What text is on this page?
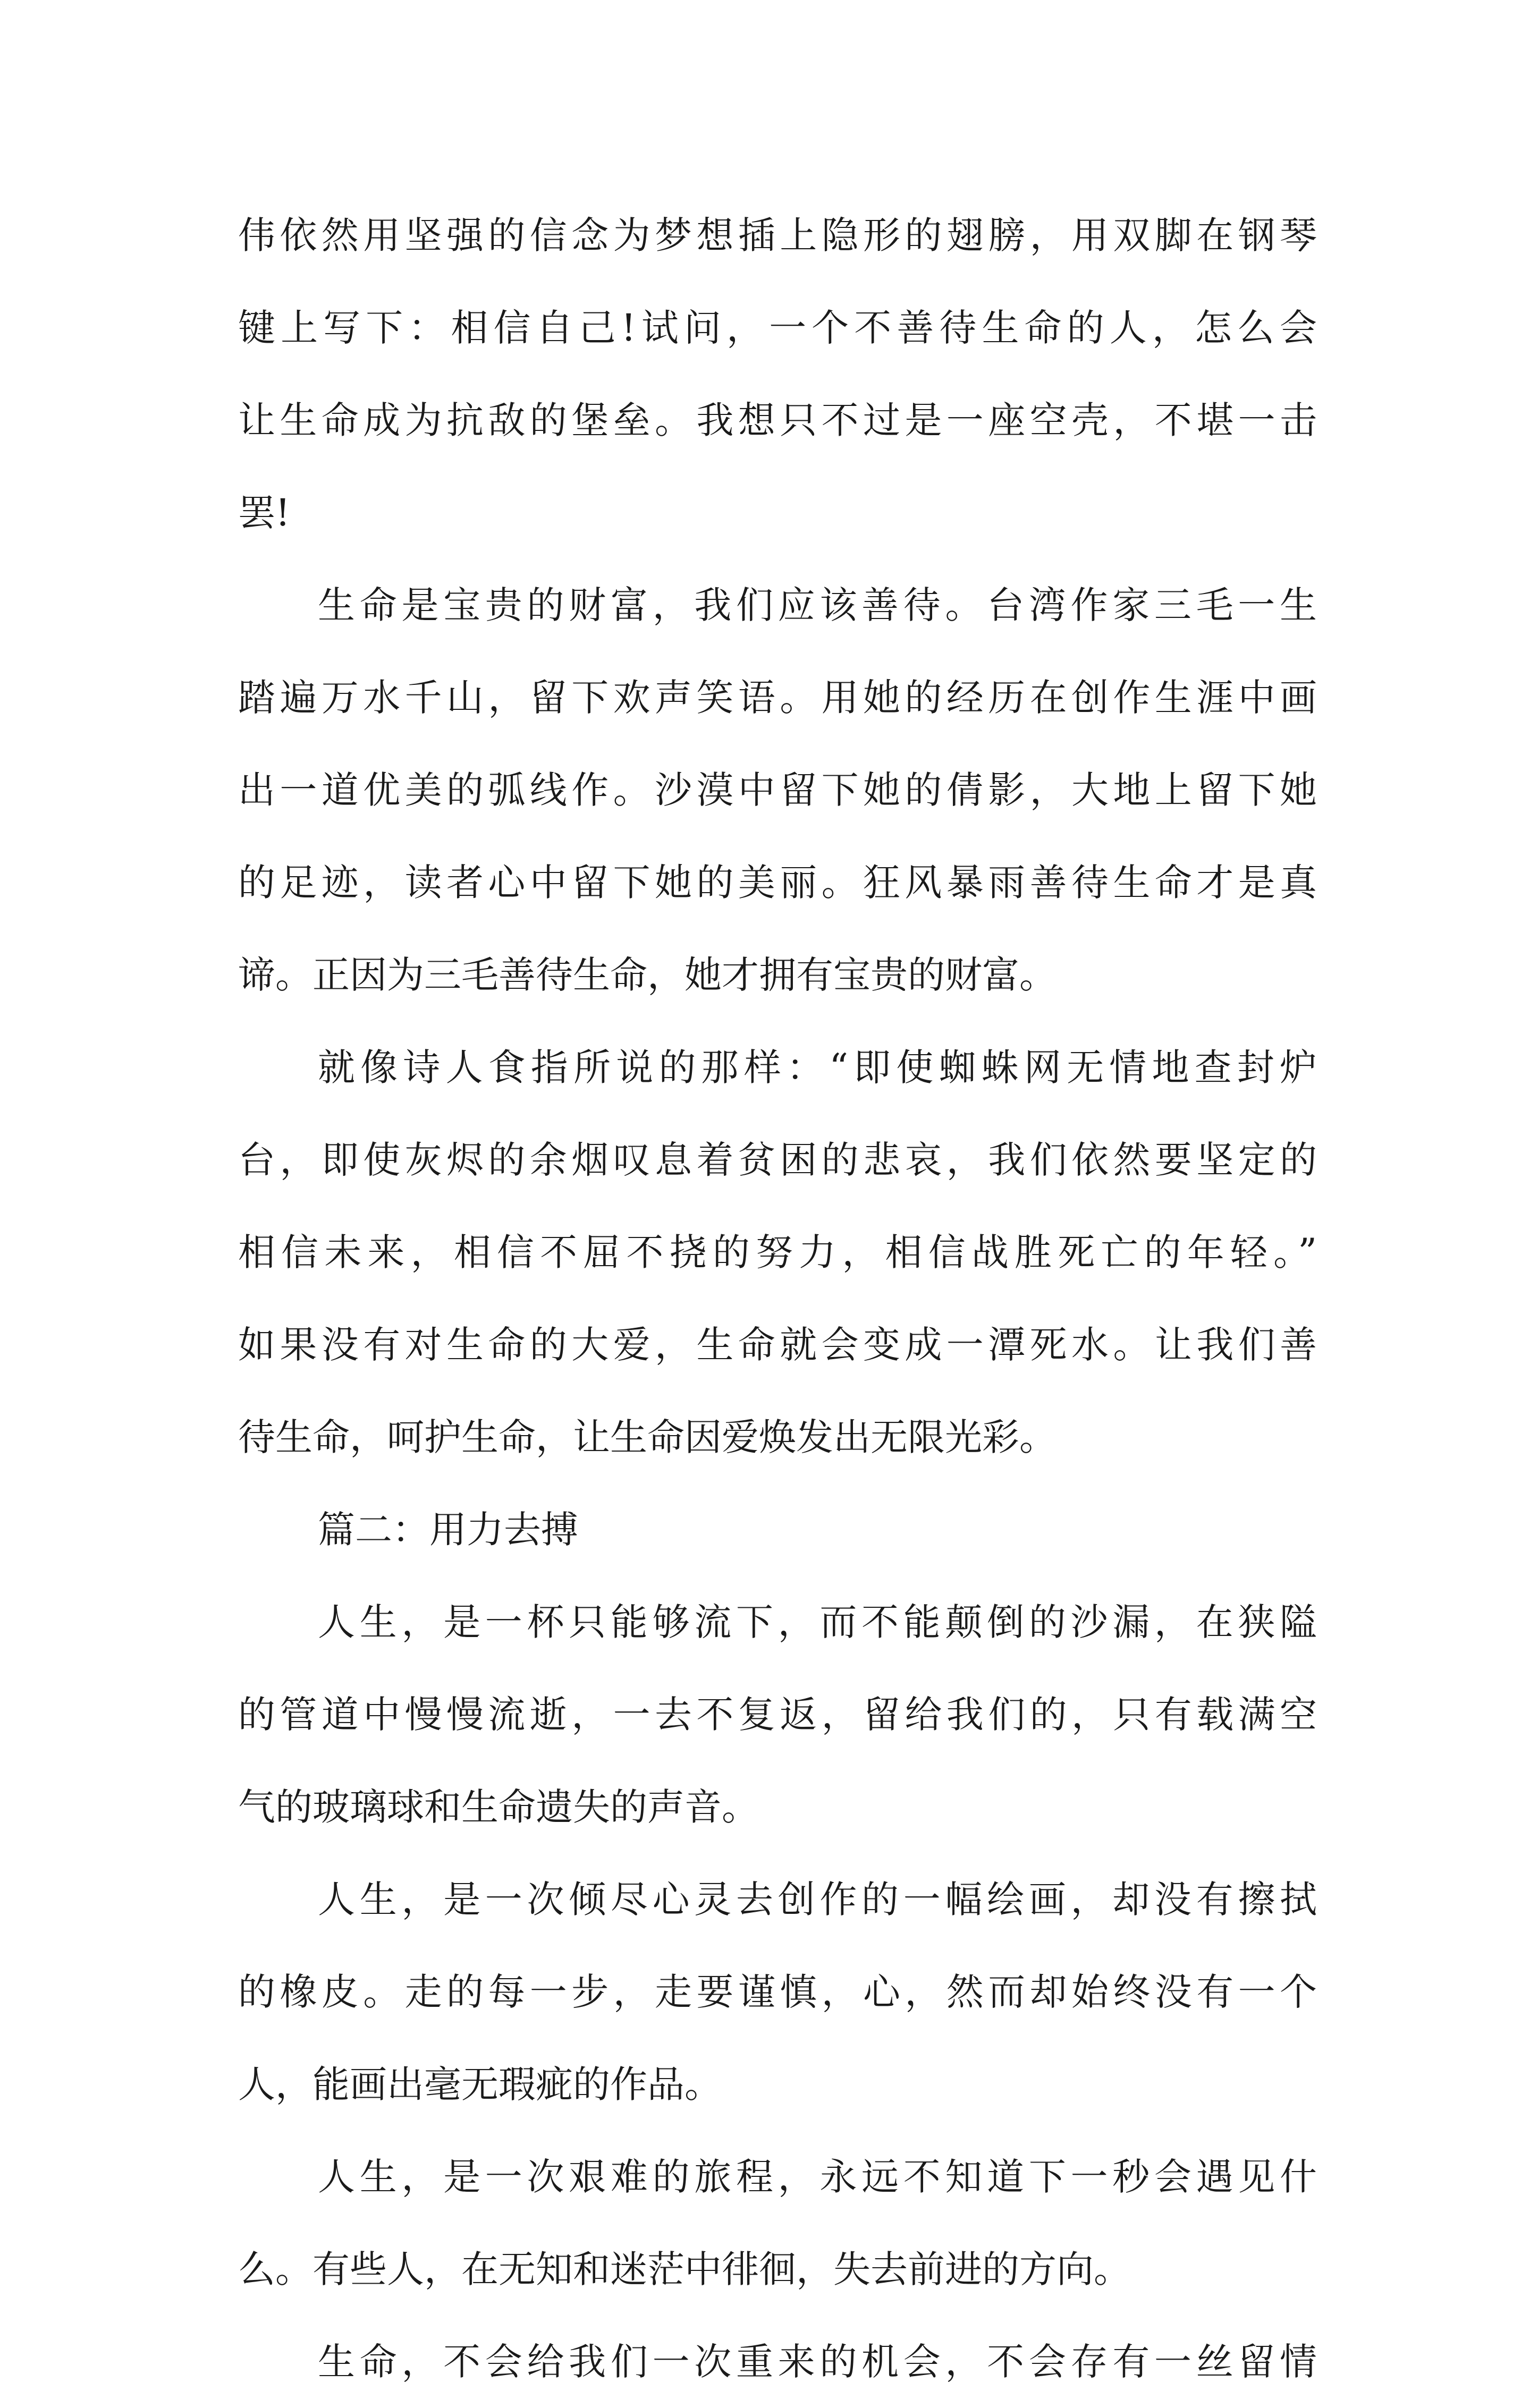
伟依然用坚强的信念为梦想插上隐形的翅膀，用双脚在钢琴
键上写下：相信自己!试问，一个不善待生命的人，怎么会
让生命成为抗敌的堡垒。我想只不过是一座空壳，不堪一击
罢!
生命是宝贵的财富，我们应该善待。台湾作家三毛一生
踏遍万水千山，留下欢声笑语。用她的经历在创作生涯中画
出一道优美的弧线作。沙漠中留下她的倩影，大地上留下她
的足迹，读者心中留下她的美丽。狂风暴雨善待生命才是真
谛。正因为三毛善待生命，她才拥有宝贵的财富。
就像诗人食指所说的那样：“即使蜘蛛网无情地查封炉
台，即使灰烬的余烟叹息着贫困的悲哀，我们依然要坚定的
相信未来，相信不屈不挠的努力，相信战胜死亡的年轻。”
如果没有对生命的大爱，生命就会变成一潭死水。让我们善
待生命，呵护生命，让生命因爱焕发出无限光彩。
篇二：用力去搏
人生，是一杯只能够流下，而不能颠倒的沙漏，在狭隘
的管道中慢慢流逝，一去不复返，留给我们的，只有载满空
气的玻璃球和生命遗失的声音。
人生，是一次倾尽心灵去创作的一幅绘画，却没有擦拭
的橡皮。走的每一步，走要谨慎，心，然而却始终没有一个
人，能画出毫无瑕疵的作品。
人生，是一次艰难的旅程，永远不知道下一秒会遇见什
么。有些人，在无知和迷茫中徘徊，失去前进的方向。
生命，不会给我们一次重来的机会，不会存有一丝留情
